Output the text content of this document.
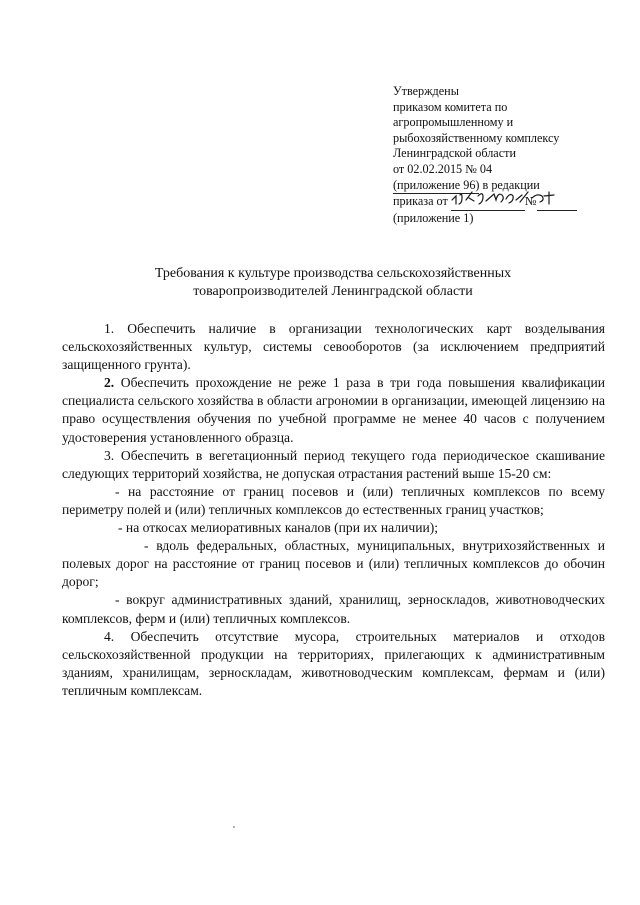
Утверждены
приказом комитета по
агропромышленному и
рыбохозяйственному комплексу
Ленинградской области
от 02.02.2015 № 04
(приложение 96) в редакции
приказа от	№
(приложение 1)
Требования к культуре производства сельскохозяйственных
товаропроизводителей Ленинградской области

1. Обеспечить наличие в организации технологических карт возделывания сельскохозяйственных культур, системы севооборотов (за исключением предприятий защищенного грунта).

2. Обеспечить прохождение не реже 1 раза в три года повышения квалификации специалиста сельского хозяйства в области агрономии в организации, имеющей лицензию на право осуществления обучения по учебной программе не менее 40 часов с получением удостоверения установленного образца.

3. Обеспечить в вегетационный период текущего года периодическое скашивание следующих территорий хозяйства, не допуская отрастания растений выше 15-20 см:

- на расстояние от границ посевов и (или) тепличных комплексов по всему периметру полей и (или) тепличных комплексов до естественных границ участков;

- на откосах мелиоративных каналов (при их наличии);

- вдоль федеральных, областных, муниципальных, внутрихозяйственных и полевых дорог на расстояние от границ посевов и (или) тепличных комплексов до обочин дорог;

- вокруг административных зданий, хранилищ, зерноскладов, животноводческих комплексов, ферм и (или) тепличных комплексов.

4. Обеспечить отсутствие мусора, строительных материалов и отходов сельскохозяйственной продукции на территориях, прилегающих к административным зданиям, хранилищам, зерноскладам, животноводческим комплексам, фермам и (или) тепличным комплексам.
